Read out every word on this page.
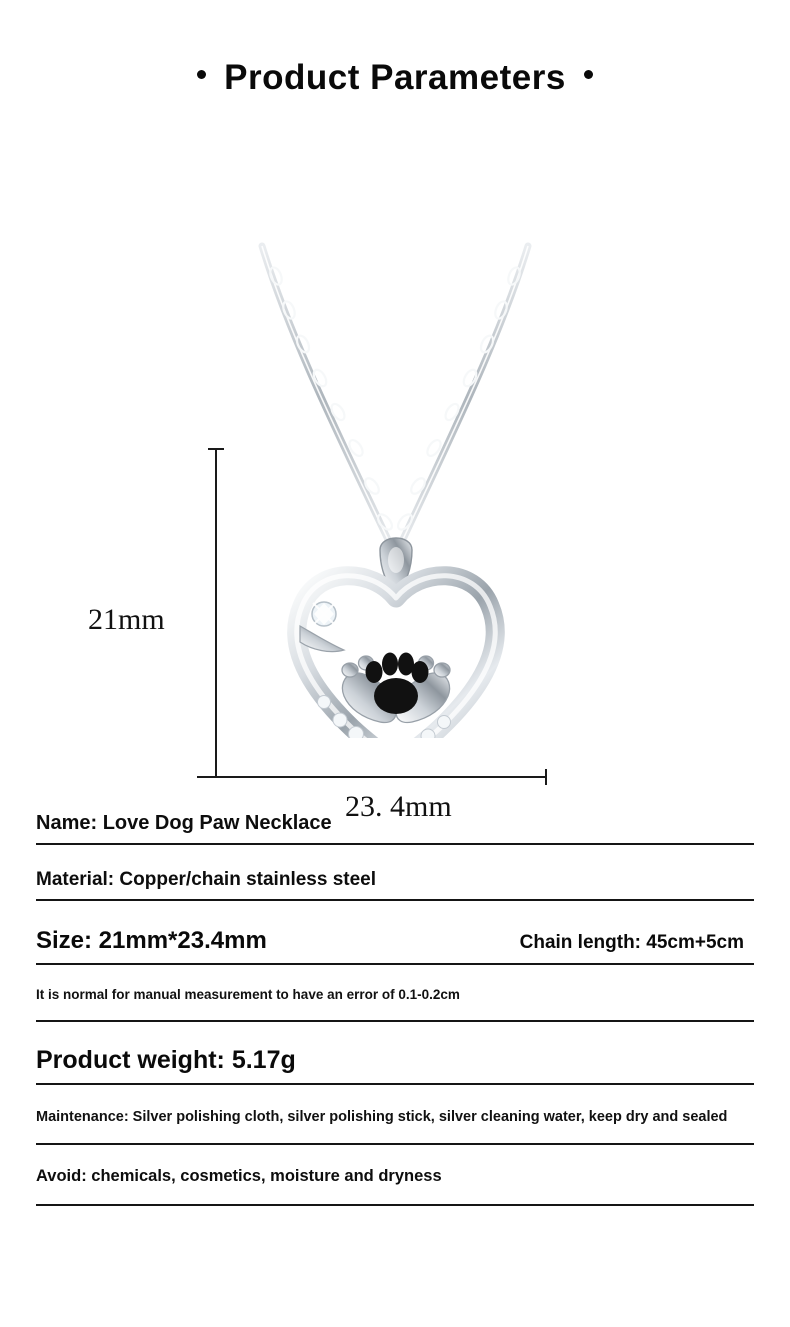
Product Parameters
21mm
23. 4mm
Name: Love Dog Paw Necklace
Material: Copper/chain stainless steel
Size: 21mm*23.4mm	Chain length: 45cm+5cm
It is normal for manual measurement to have an error of 0.1-0.2cm
Product weight: 5.17g
Maintenance: Silver polishing cloth, silver polishing stick, silver cleaning water, keep dry and sealed
Avoid: chemicals, cosmetics, moisture and dryness
